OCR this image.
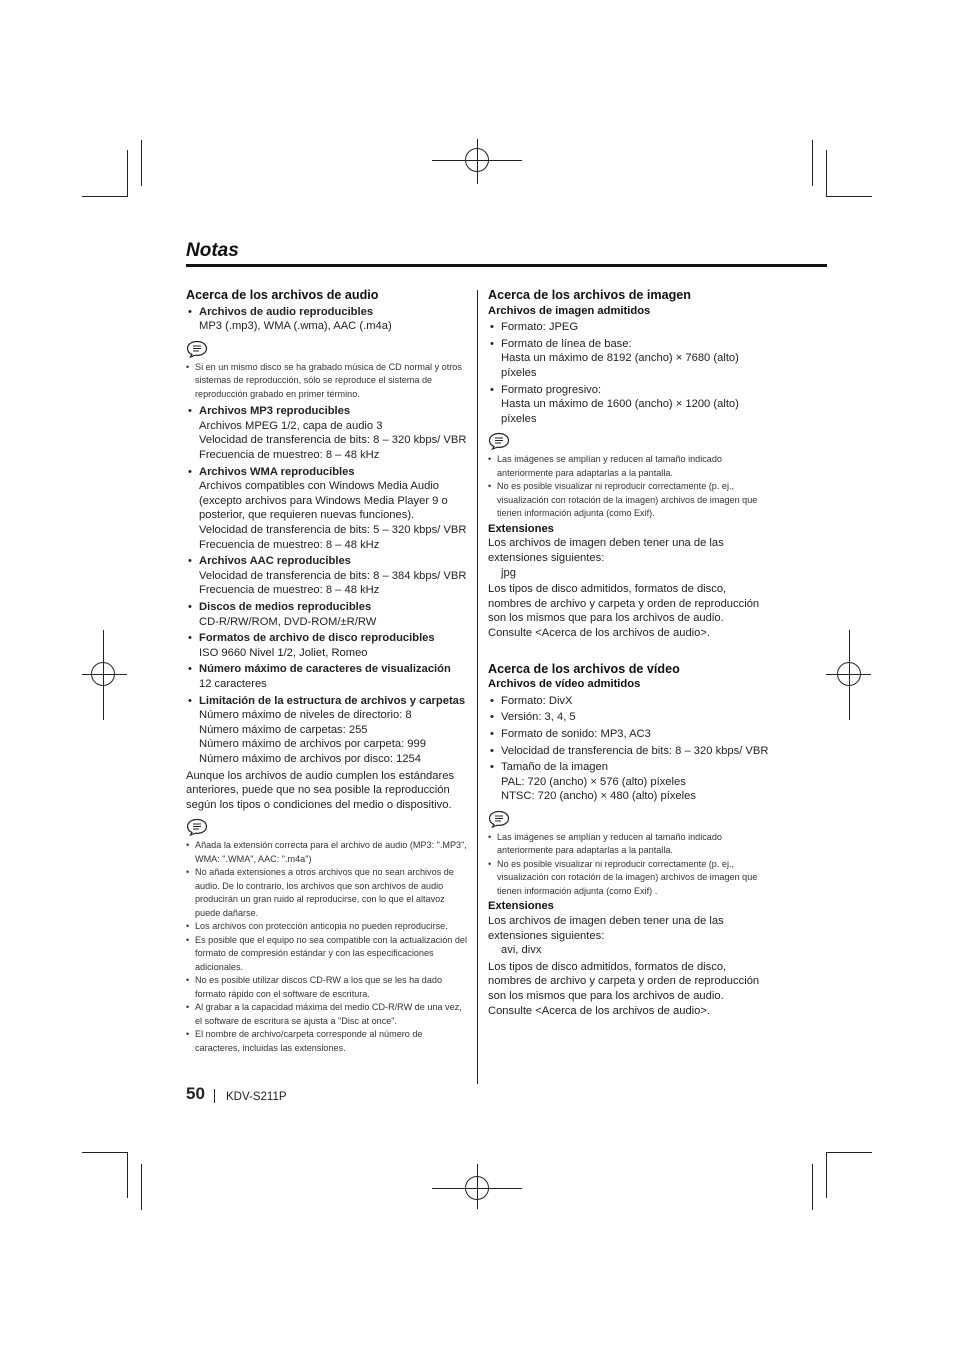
Notas
Acerca de los archivos de audio
• Archivos de audio reproducibles
MP3 (.mp3), WMA (.wma), AAC (.m4a)
• Si en un mismo disco se ha grabado música de CD normal y otros sistemas de reproducción, sólo se reproduce el sistema de reproducción grabado en primer término.
• Archivos MP3 reproducibles
Archivos MPEG 1/2, capa de audio 3
Velocidad de transferencia de bits: 8 – 320 kbps/ VBR
Frecuencia de muestreo: 8 – 48 kHz
• Archivos WMA reproducibles
Archivos compatibles con Windows Media Audio (excepto archivos para Windows Media Player 9 o posterior, que requieren nuevas funciones).
Velocidad de transferencia de bits: 5 – 320 kbps/ VBR
Frecuencia de muestreo: 8 – 48 kHz
• Archivos AAC reproducibles
Velocidad de transferencia de bits: 8 – 384 kbps/ VBR
Frecuencia de muestreo: 8 – 48 kHz
• Discos de medios reproducibles
CD-R/RW/ROM, DVD-ROM/±R/RW
• Formatos de archivo de disco reproducibles
ISO 9660 Nivel 1/2, Joliet, Romeo
• Número máximo de caracteres de visualización
12 caracteres
• Limitación de la estructura de archivos y carpetas
Número máximo de niveles de directorio: 8
Número máximo de carpetas: 255
Número máximo de archivos por carpeta: 999
Número máximo de archivos por disco: 1254

Aunque los archivos de audio cumplen los estándares anteriores, puede que no sea posible la reproducción según los tipos o condiciones del medio o dispositivo.

• Añada la extensión correcta para el archivo de audio (MP3: ".MP3", WMA: ".WMA", AAC: ".m4a")
• No añada extensiones a otros archivos que no sean archivos de audio. De lo contrario, los archivos que son archivos de audio producirán un gran ruido al reproducirse, con lo que el altavoz puede dañarse.
• Los archivos con protección anticopia no pueden reproducirse.
• Es posible que el equipo no sea compatible con la actualización del formato de compresión estándar y con las especificaciones adicionales.
• No es posible utilizar discos CD-RW a los que se les ha dado formato rápido con el software de escritura.
• Al grabar a la capacidad máxima del medio CD-R/RW de una vez, el software de escritura se ajusta a "Disc at once".
• El nombre de archivo/carpeta corresponde al número de caracteres, incluidas las extensiones.
Acerca de los archivos de imagen
Archivos de imagen admitidos
• Formato: JPEG
• Formato de línea de base:
Hasta un máximo de 8192 (ancho) × 7680 (alto) píxeles
• Formato progresivo:
Hasta un máximo de 1600 (ancho) × 1200 (alto) píxeles
• Las imágenes se amplían y reducen al tamaño indicado anteriormente para adaptarlas a la pantalla.
• No es posible visualizar ni reproducir correctamente (p. ej., visualización con rotación de la imagen) archivos de imagen que tienen información adjunta (como Exif).
Extensiones

Los archivos de imagen deben tener una de las extensiones siguientes:

jpg

Los tipos de disco admitidos, formatos de disco, nombres de archivo y carpeta y orden de reproducción son los mismos que para los archivos de audio. Consulte <Acerca de los archivos de audio>.

Acerca de los archivos de vídeo
Archivos de vídeo admitidos
• Formato: DivX
• Versión: 3, 4, 5
• Formato de sonido: MP3, AC3
• Velocidad de transferencia de bits: 8 – 320 kbps/ VBR
• Tamaño de la imagen
PAL: 720 (ancho) × 576 (alto) píxeles
NTSC: 720 (ancho) × 480 (alto) píxeles
• Las imágenes se amplían y reducen al tamaño indicado anteriormente para adaptarlas a la pantalla.
• No es posible visualizar ni reproducir correctamente (p. ej., visualización con rotación de la imagen) archivos de imagen que tienen información adjunta (como Exif) .
Extensiones

Los archivos de imagen deben tener una de las extensiones siguientes:

avi, divx

Los tipos de disco admitidos, formatos de disco, nombres de archivo y carpeta y orden de reproducción son los mismos que para los archivos de audio. Consulte <Acerca de los archivos de audio>.

50 KDV-S211P
